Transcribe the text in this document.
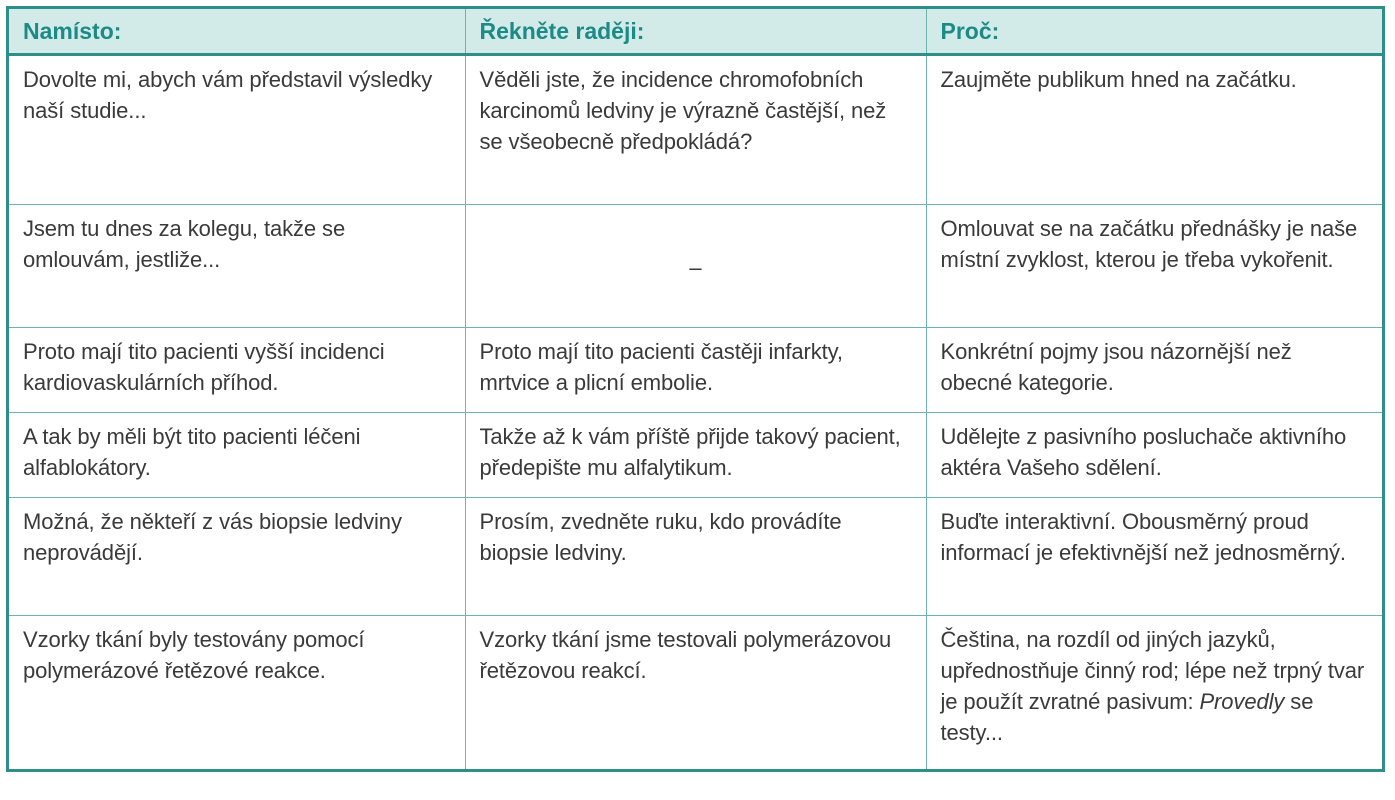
Namísto:	Řekněte raději:	Proč:
Dovolte mi, abych vám představil výsledky naší studie...	Věděli jste, že incidence chromofobních karcinomů ledviny je výrazně častější, než se všeobecně předpokládá?	Zaujměte publikum hned na začátku.
Jsem tu dnes za kolegu, takže se omlouvám, jestliže...	–	Omlouvat se na začátku přednášky je naše místní zvyklost, kterou je třeba vykořenit.
Proto mají tito pacienti vyšší incidenci kardiovaskulárních příhod.	Proto mají tito pacienti častěji infarkty, mrtvice a plicní embolie.	Konkrétní pojmy jsou názornější než obecné kategorie.
A tak by měli být tito pacienti léčeni alfablokátory.	Takže až k vám příště přijde takový pacient, předepište mu alfalytikum.	Udělejte z pasivního posluchače aktivního aktéra Vašeho sdělení.
Možná, že někteří z vás biopsie ledviny neprovádějí.	Prosím, zvedněte ruku, kdo provádíte biopsie ledviny.	Buďte interaktivní. Obousměrný proud informací je efektivnější než jednosměrný.
Vzorky tkání byly testovány pomocí polymerázové řetězové reakce.	Vzorky tkání jsme testovali polymerázovou řetězovou reakcí.	Čeština, na rozdíl od jiných jazyků, upřednostňuje činný rod; lépe než trpný tvar je použít zvratné pasivum: Provedly se testy...
